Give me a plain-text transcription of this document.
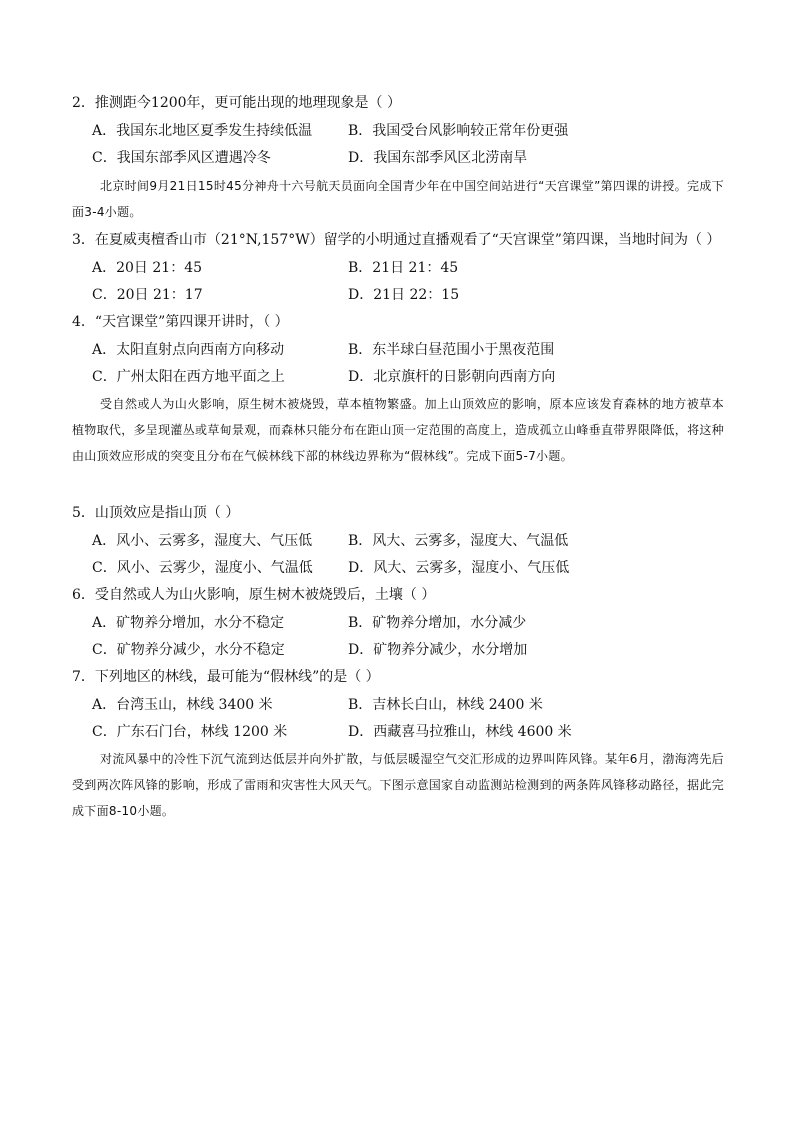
2．推测距今1200年，更可能出现的地理现象是（ ）
A．我国东北地区夏季发生持续低温	B．我国受台风影响较正常年份更强
C．我国东部季风区遭遇冷冬	D．我国东部季风区北涝南旱
北京时间9月21日15时45分神舟十六号航天员面向全国青少年在中国空间站进行“天宫课堂”第四课的讲授。完成下面3-4小题。
3．在夏威夷檀香山市（21°N,157°W）留学的小明通过直播观看了“天宫课堂”第四课，当地时间为（ ）
A．20日 21：45	B．21日 21：45
C．20日 21：17	D．21日 22：15
4．“天宫课堂”第四课开讲时，（ ）
A．太阳直射点向西南方向移动	B．东半球白昼范围小于黑夜范围
C．广州太阳在西方地平面之上	D．北京旗杆的日影朝向西南方向
受自然或人为山火影响，原生树木被烧毁，草本植物繁盛。加上山顶效应的影响，原本应该发育森林的地方被草本植物取代，多呈现灌丛或草甸景观，而森林只能分布在距山顶一定范围的高度上，造成孤立山峰垂直带界限降低，将这种由山顶效应形成的突变且分布在气候林线下部的林线边界称为“假林线”。完成下面5-7小题。
5．山顶效应是指山顶（ ）
A．风小、云雾多，湿度大、气压低	B．风大、云雾多，湿度大、气温低
C．风小、云雾少，湿度小、气温低	D．风大、云雾多，湿度小、气压低
6．受自然或人为山火影响，原生树木被烧毁后，土壤（ ）
A．矿物养分增加，水分不稳定	B．矿物养分增加，水分减少
C．矿物养分减少，水分不稳定	D．矿物养分减少，水分增加
7．下列地区的林线，最可能为“假林线”的是（ ）
A．台湾玉山，林线 3400 米	B．吉林长白山，林线 2400 米
C．广东石门台，林线 1200 米	D．西藏喜马拉雅山，林线 4600 米
对流风暴中的冷性下沉气流到达低层并向外扩散，与低层暖湿空气交汇形成的边界叫阵风锋。某年6月，渤海湾先后受到两次阵风锋的影响，形成了雷雨和灾害性大风天气。下图示意国家自动监测站检测到的两条阵风锋移动路径，据此完成下面8-10小题。
